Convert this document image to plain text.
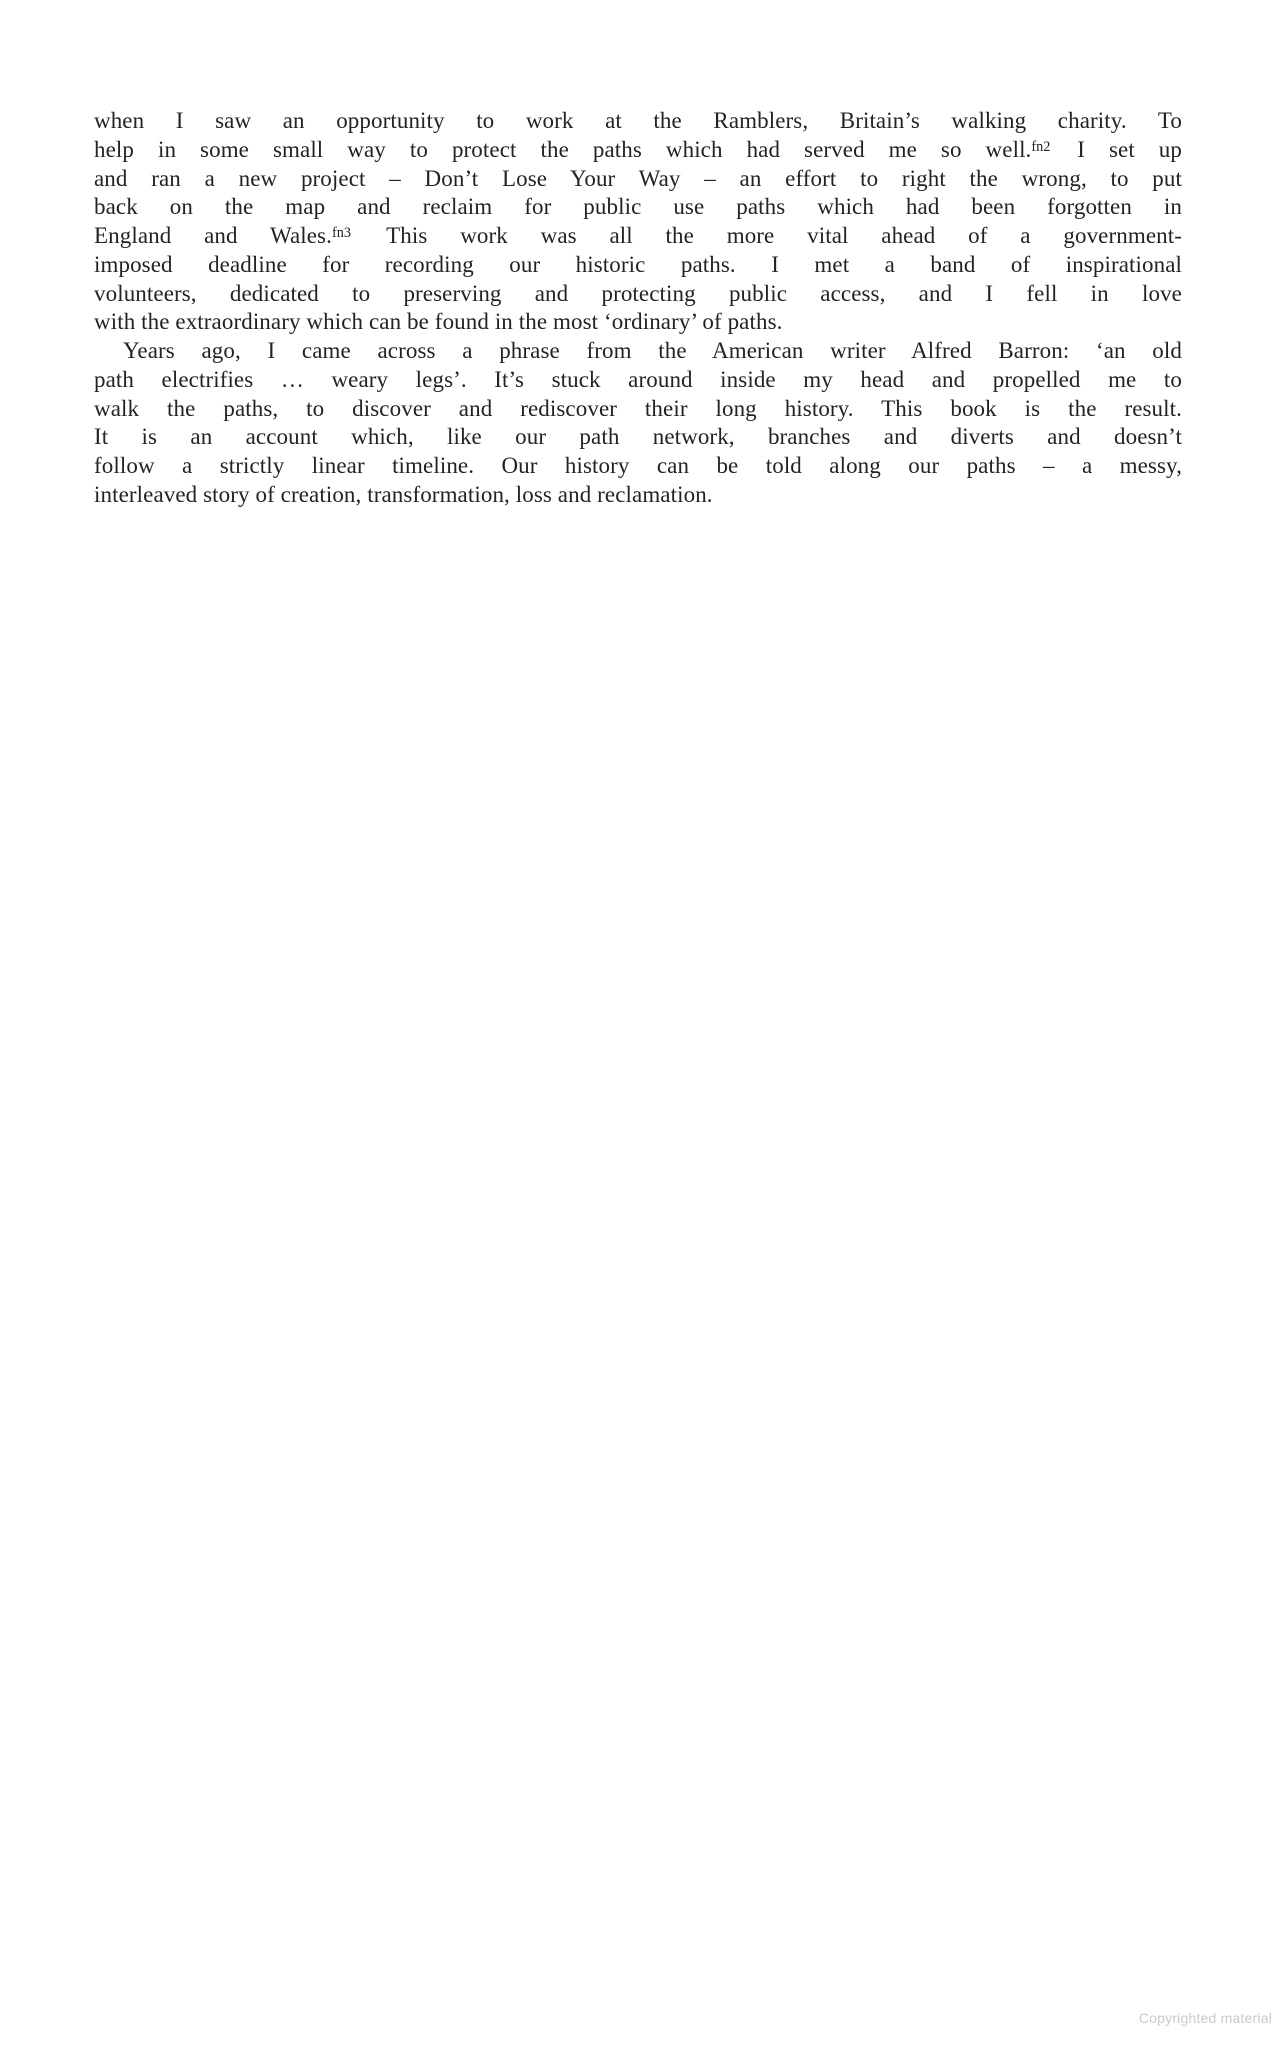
when I saw an opportunity to work at the Ramblers, Britain’s walking charity. To
help in some small way to protect the paths which had served me so well.$^{fn2}$ I set up
and ran a new project – Don’t Lose Your Way – an effort to right the wrong, to put
back on the map and reclaim for public use paths which had been forgotten in
England and Wales.$^{fn3}$ This work was all the more vital ahead of a government-
imposed deadline for recording our historic paths. I met a band of inspirational
volunteers, dedicated to preserving and protecting public access, and I fell in love
with the extraordinary which can be found in the most ‘ordinary’ of paths.
Years ago, I came across a phrase from the American writer Alfred Barron: ‘an old
path electrifies … weary legs’. It’s stuck around inside my head and propelled me to
walk the paths, to discover and rediscover their long history. This book is the result.
It is an account which, like our path network, branches and diverts and doesn’t
follow a strictly linear timeline. Our history can be told along our paths – a messy,
interleaved story of creation, transformation, loss and reclamation.
Copyrighted material
